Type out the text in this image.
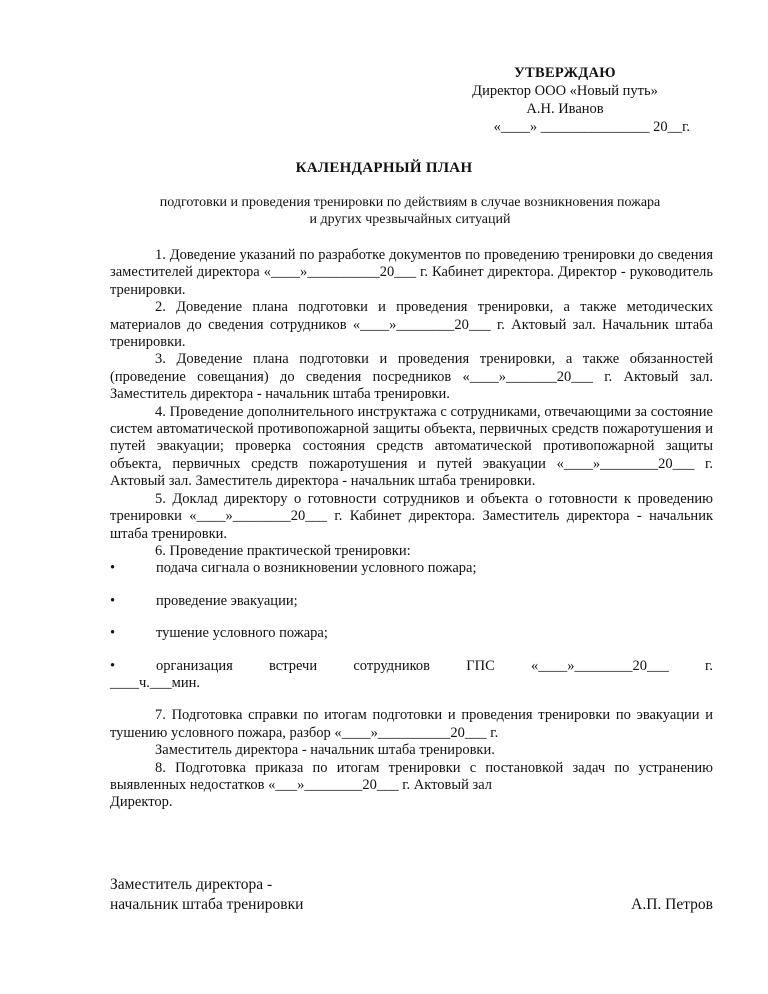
УТВЕРЖДАЮ
Директор ООО «Новый путь»
А.Н. Иванов
«____» _______________ 20__г.
КАЛЕНДАРНЫЙ ПЛАН
подготовки и проведения тренировки по действиям в случае возникновения пожара
и других чрезвычайных ситуаций

1. Доведение указаний по разработке документов по проведению тренировки до сведения заместителей директора «____»__________20___ г. Кабинет директора. Директор - руководитель тренировки.

2. Доведение плана подготовки и проведения тренировки, а также методических материалов до сведения сотрудников «____»________20___ г. Актовый зал. Начальник штаба тренировки.

3. Доведение плана подготовки и проведения тренировки, а также обязанностей (проведение совещания) до сведения посредников «____»_______20___ г. Актовый зал. Заместитель директора - начальник штаба тренировки.

4. Проведение дополнительного инструктажа с сотрудниками, отвечающими за состояние систем автоматической противопожарной защиты объекта, первичных средств пожаротушения и путей эвакуации; проверка состояния средств автоматической противопожарной защиты объекта, первичных средств пожаротушения и путей эвакуации «____»________20___ г. Актовый зал. Заместитель директора - начальник штаба тренировки.

5. Доклад директору о готовности сотрудников и объекта о готовности к проведению тренировки «____»________20___ г. Кабинет директора. Заместитель директора - начальник штаба тренировки.

6. Проведение практической тренировки:

•	подача сигнала о возникновении условного пожара;
•	проведение эвакуации;
•	тушение условного пожара;
•	организация встречи сотрудников ГПС «____»________20___ г.

____ч.___мин.

7. Подготовка справки по итогам подготовки и проведения тренировки по эвакуации и тушению условного пожара, разбор «____»__________20___ г.

Заместитель директора - начальник штаба тренировки.

8. Подготовка приказа по итогам тренировки с постановкой задач по устранению выявленных недостатков «___»________20___ г. Актовый зал

Директор.

Заместитель директора -
начальник штаба тренировки	А.П. Петров
